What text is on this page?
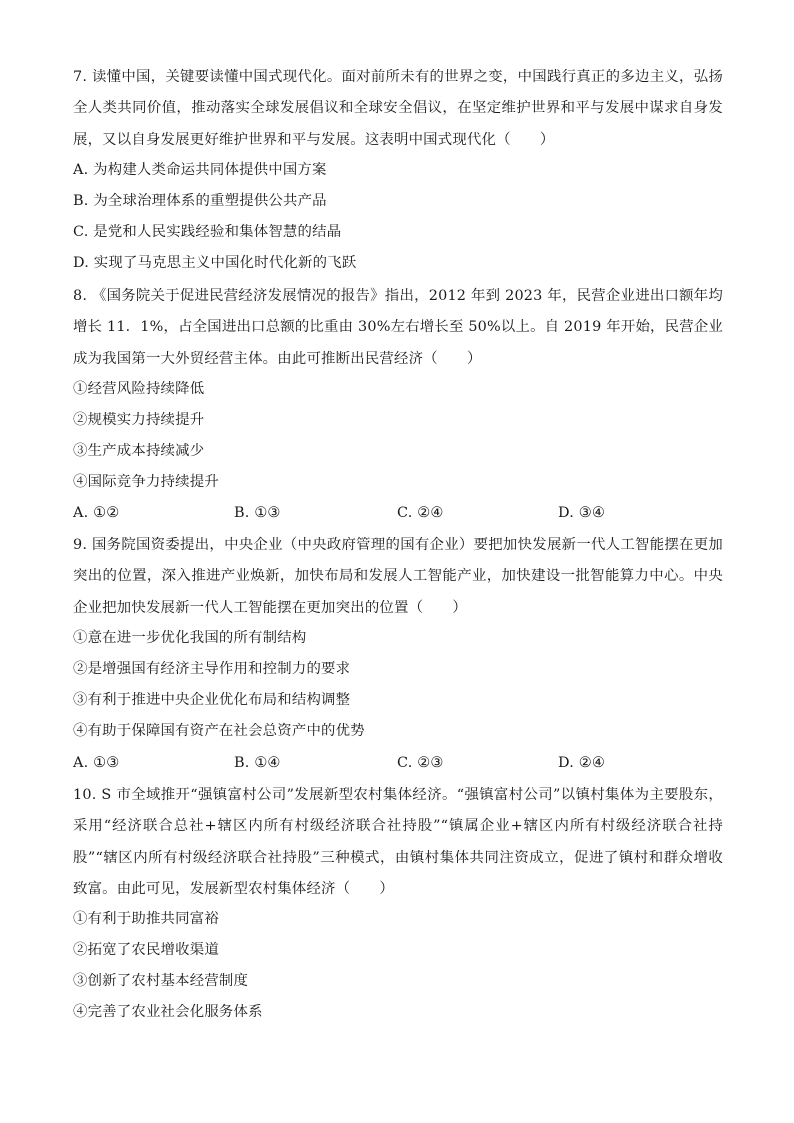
7. 读懂中国，关键要读懂中国式现代化。面对前所未有的世界之变，中国践行真正的多边主义，弘扬全人类共同价值，推动落实全球发展倡议和全球安全倡议，在坚定维护世界和平与发展中谋求自身发展，又以自身发展更好维护世界和平与发展。这表明中国式现代化（　　）
A. 为构建人类命运共同体提供中国方案
B. 为全球治理体系的重塑提供公共产品
C. 是党和人民实践经验和集体智慧的结晶
D. 实现了马克思主义中国化时代化新的飞跃
8. 《国务院关于促进民营经济发展情况的报告》指出，2012 年到 2023 年，民营企业进出口额年均增长 11．1%，占全国进出口总额的比重由 30%左右增长至 50%以上。自 2019 年开始，民营企业成为我国第一大外贸经营主体。由此可推断出民营经济（　　）
①经营风险持续降低
②规模实力持续提升
③生产成本持续减少
④国际竞争力持续提升
A. ①②	B. ①③	C. ②④	D. ③④
9. 国务院国资委提出，中央企业（中央政府管理的国有企业）要把加快发展新一代人工智能摆在更加突出的位置，深入推进产业焕新，加快布局和发展人工智能产业，加快建设一批智能算力中心。中央企业把加快发展新一代人工智能摆在更加突出的位置（　　）
①意在进一步优化我国的所有制结构
②是增强国有经济主导作用和控制力的要求
③有利于推进中央企业优化布局和结构调整
④有助于保障国有资产在社会总资产中的优势
A. ①③	B. ①④	C. ②③	D. ②④
10. S 市全域推开“强镇富村公司”发展新型农村集体经济。“强镇富村公司”以镇村集体为主要股东，采用“经济联合总社+辖区内所有村级经济联合社持股”“镇属企业+辖区内所有村级经济联合社持股”“辖区内所有村级经济联合社持股”三种模式，由镇村集体共同注资成立，促进了镇村和群众增收致富。由此可见，发展新型农村集体经济（　　）
①有利于助推共同富裕
②拓宽了农民增收渠道
③创新了农村基本经营制度
④完善了农业社会化服务体系
